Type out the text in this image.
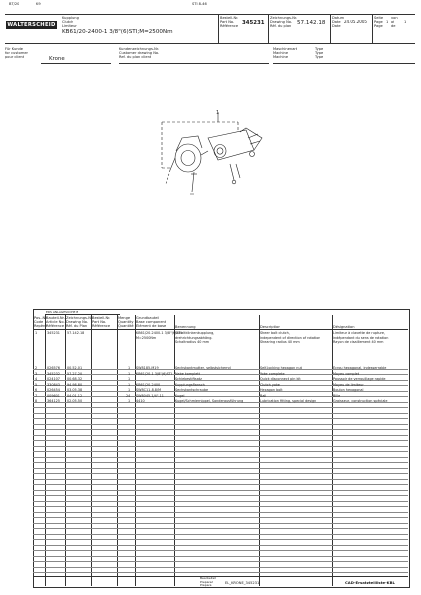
BT/20	K9	STI 8-46
WALTERSCHEID
Kupplung
Clutch
Limiteur
KB61/20-2400-1 3/8"(6)STI;M=2500Nm
Bestell-Nr.
Part No.
Référence 345231
Zeichnungs-Nr.
Drawing No.
Réf. du plan 57.142.18
Datum
Date
Date
24.05.2005
Seite
Page
Page
1
von
of
de
1
Für Kunde
for customer
pour client	Krone
Kundenzeichnungs-Nr.
Customer drawing No.
Ref. du plan client
Maschinenart
Machine
Machine
Type
Type
Type
1
ERS ANLAGESUCHE B
Pos.-Nr.
Code
Repère
Bauteil-Nr.
Article No.
Référence
Zeichnungs-Nr.
Drawing No.
Réf. du Plan
Bestell-Nr.
Part No.
Référence
Menge
Quantity
Quantité
Grundbauteil
Base component
Élément de base Benennung	Description	Désignation
1	345231 57.142.18	KB61/20-2400-1 3/8"(6)STI
M=2500Nm
Schaltklinkenkupplung,
drehrichtungsabhäng.
Schaltradius 40 mm
Sheer bolt clutch,
independent of direction of rotation
Shearing radius 40 mm
Limiteur à clavette de rupture,
indépendant du sens de rotation
Rayon de cisaillement 40 mm
2	026576 00.52.01	1 SW8185-M19	Sechskantmutter, selbstsichernd	Self-locking hexagon nut	Écrou hexagonal, indesserrable
3	345232 57.27.20	1 KB61/20-1 3/8"(6)STI Nabe komplett	Yoke complete	Moyeu complet
4	024107 00.68.32	1	Schiebestiftsatz	Quick disconnect pin kit	Poussoir de verrouillage rapide
5	330843 94.98.80	1 KB61/20-2400	Kupplungsflansch	Clutch yoke	Moyeu de limiteur
6	026454 03.05.38	1 SW8C11-8.8/M	Sechskantschraube	Hexagon bolt	Boulon hexagonal
7	009601 04.01.12	24 SW8045-1/4"-11	Kugel	Ball	Bille
8	364125 02.05.50	1 4410	Kugel/Schmiernippel, Sonderausführung	Lubrication fitting, special design	Graisseur, construction spéciale
Bearbeitet
Prepared
Préparé	EL_KRONE_345231	CAD-Ersatzteilliste-KBL
